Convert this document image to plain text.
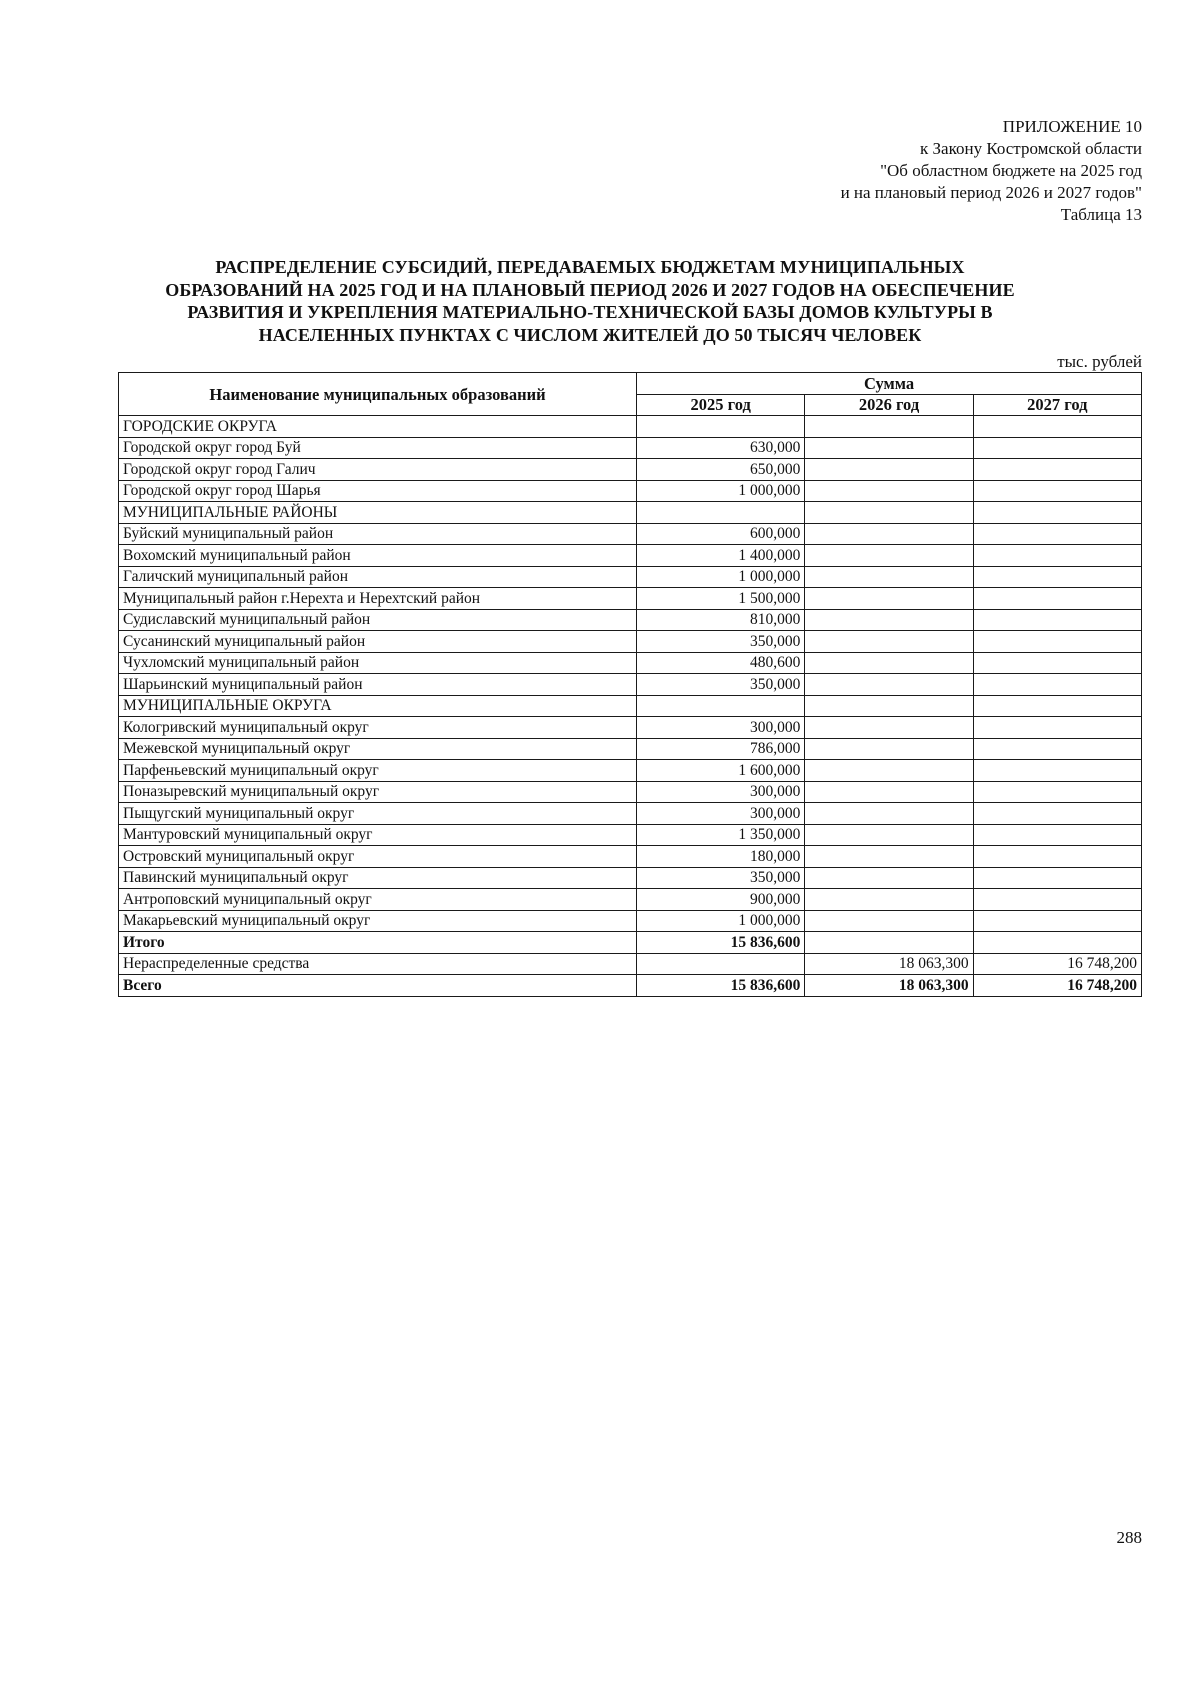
ПРИЛОЖЕНИЕ 10
к Закону Костромской области
"Об областном бюджете на 2025 год
и на плановый период 2026 и 2027 годов"
Таблица 13
РАСПРЕДЕЛЕНИЕ СУБСИДИЙ, ПЕРЕДАВАЕМЫХ БЮДЖЕТАМ МУНИЦИПАЛЬНЫХ
ОБРАЗОВАНИЙ НА 2025 ГОД И НА ПЛАНОВЫЙ ПЕРИОД 2026 И 2027 ГОДОВ НА ОБЕСПЕЧЕНИЕ
РАЗВИТИЯ И УКРЕПЛЕНИЯ МАТЕРИАЛЬНО-ТЕХНИЧЕСКОЙ БАЗЫ ДОМОВ КУЛЬТУРЫ В
НАСЕЛЕННЫХ ПУНКТАХ С ЧИСЛОМ ЖИТЕЛЕЙ ДО 50 ТЫСЯЧ ЧЕЛОВЕК
тыс. рублей
Наименование муниципальных образований	Сумма		
	2025 год	2026 год	2027 год
ГОРОДСКИЕ ОКРУГА			
Городской округ город Буй	630,000		
Городской округ город Галич	650,000		
Городской округ город Шарья	1 000,000		
МУНИЦИПАЛЬНЫЕ РАЙОНЫ			
Буйский муниципальный район	600,000		
Вохомский муниципальный район	1 400,000		
Галичский муниципальный район	1 000,000		
Муниципальный район г.Нерехта и Нерехтский район	1 500,000		
Судиславский муниципальный район	810,000		
Сусанинский муниципальный район	350,000		
Чухломский муниципальный район	480,600		
Шарьинский муниципальный район	350,000		
МУНИЦИПАЛЬНЫЕ ОКРУГА			
Кологривский муниципальный округ	300,000		
Межевской муниципальный округ	786,000		
Парфеньевский муниципальный округ	1 600,000		
Поназыревский муниципальный округ	300,000		
Пыщугский муниципальный округ	300,000		
Мантуровский муниципальный округ	1 350,000		
Островский муниципальный округ	180,000		
Павинский муниципальный округ	350,000		
Антроповский муниципальный округ	900,000		
Макарьевский муниципальный округ	1 000,000		
Итого	15 836,600		
Нераспределенные средства		18 063,300	16 748,200
Всего	15 836,600	18 063,300	16 748,200
288
